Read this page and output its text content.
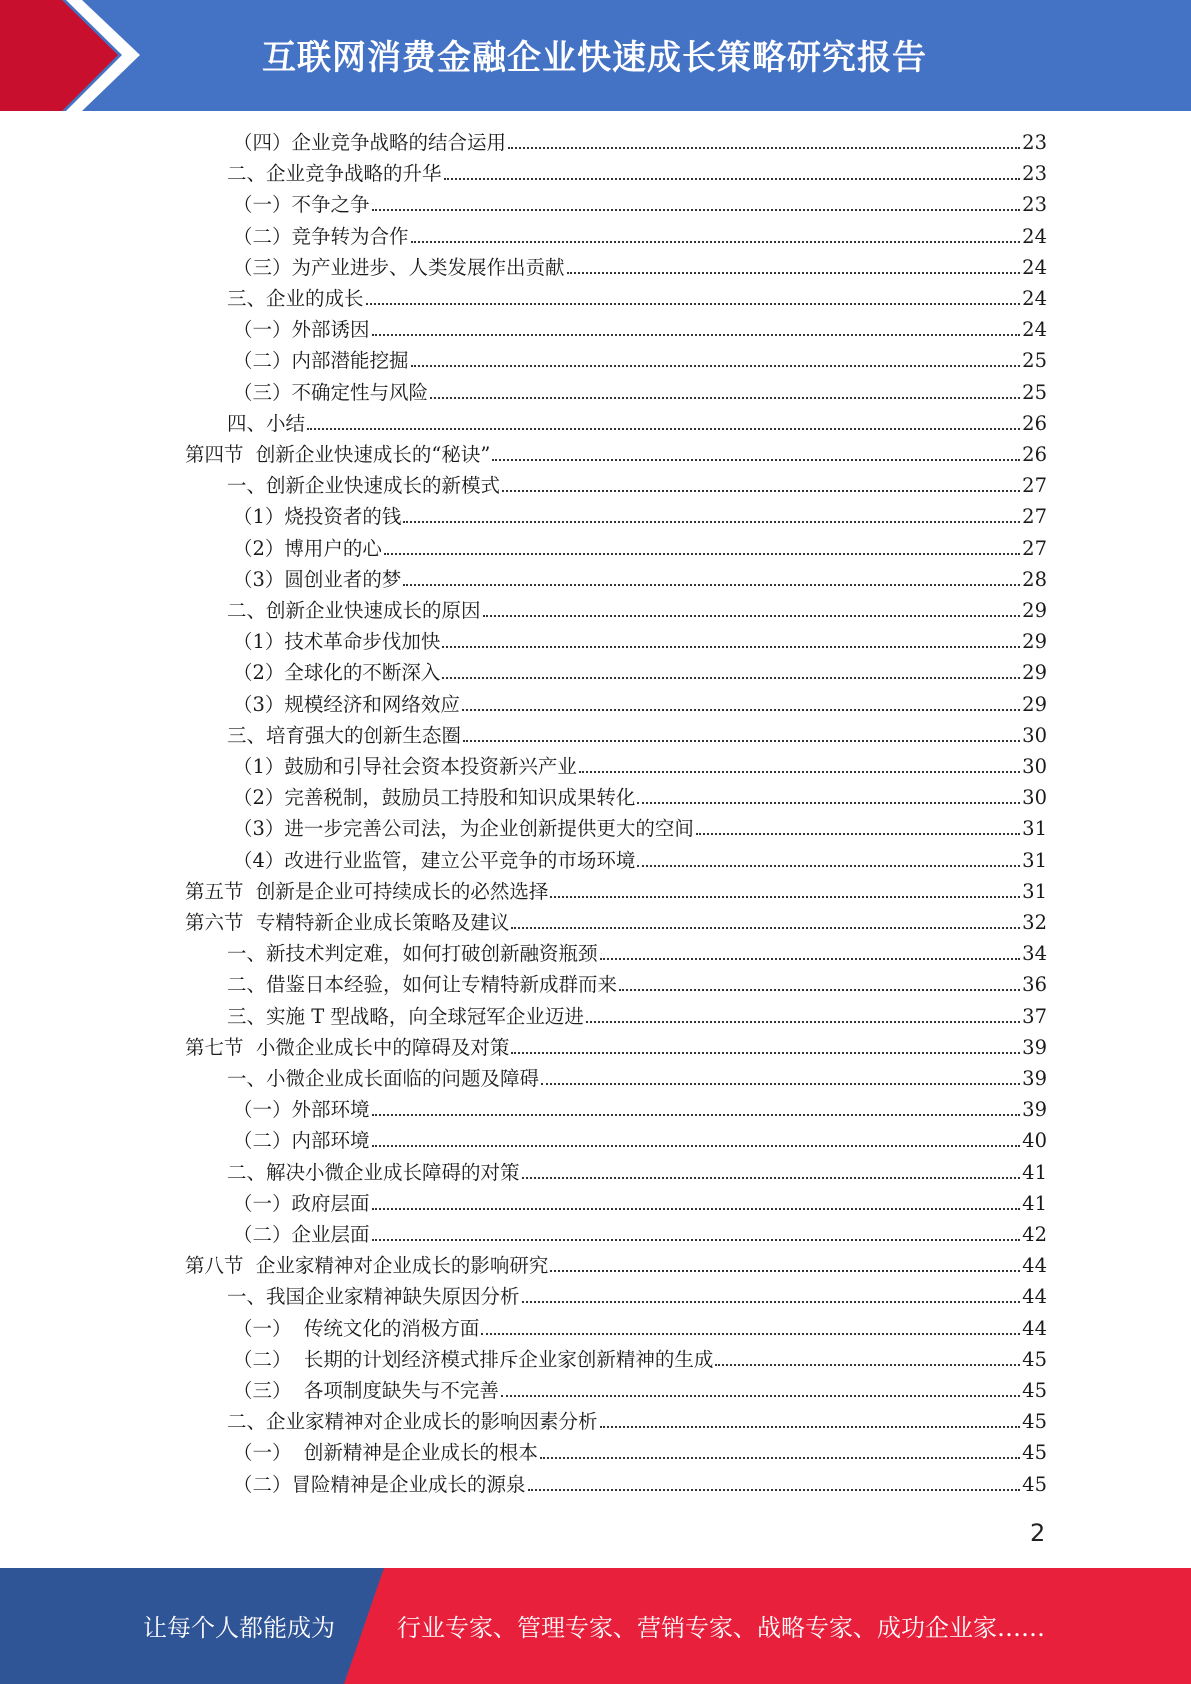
互联网消费金融企业快速成长策略研究报告
（四）企业竞争战略的结合运用	23
二、企业竞争战略的升华	23
（一）不争之争	23
（二）竞争转为合作	24
（三）为产业进步、人类发展作出贡献	24
三、企业的成长	24
（一）外部诱因	24
（二）内部潜能挖掘	25
（三）不确定性与风险	25
四、小结	26
第四节  创新企业快速成长的“秘诀”	26
一、创新企业快速成长的新模式	27
（1）烧投资者的钱	27
（2）博用户的心	27
（3）圆创业者的梦	28
二、创新企业快速成长的原因	29
（1）技术革命步伐加快	29
（2）全球化的不断深入	29
（3）规模经济和网络效应	29
三、培育强大的创新生态圈	30
（1）鼓励和引导社会资本投资新兴产业	30
（2）完善税制，鼓励员工持股和知识成果转化	30
（3）进一步完善公司法，为企业创新提供更大的空间	31
（4）改进行业监管，建立公平竞争的市场环境	31
第五节  创新是企业可持续成长的必然选择	31
第六节  专精特新企业成长策略及建议	32
一、新技术判定难，如何打破创新融资瓶颈	34
二、借鉴日本经验，如何让专精特新成群而来	36
三、实施 T 型战略，向全球冠军企业迈进	37
第七节  小微企业成长中的障碍及对策	39
一、小微企业成长面临的问题及障碍	39
（一）外部环境	39
（二）内部环境	40
二、解决小微企业成长障碍的对策	41
（一）政府层面	41
（二）企业层面	42
第八节  企业家精神对企业成长的影响研究	44
一、我国企业家精神缺失原因分析	44
（一）  传统文化的消极方面	44
（二）  长期的计划经济模式排斥企业家创新精神的生成	45
（三）  各项制度缺失与不完善	45
二、企业家精神对企业成长的影响因素分析	45
（一）  创新精神是企业成长的根本	45
（二）冒险精神是企业成长的源泉	45
2
让每个人都能成为	行业专家、管理专家、营销专家、战略专家、成功企业家……
